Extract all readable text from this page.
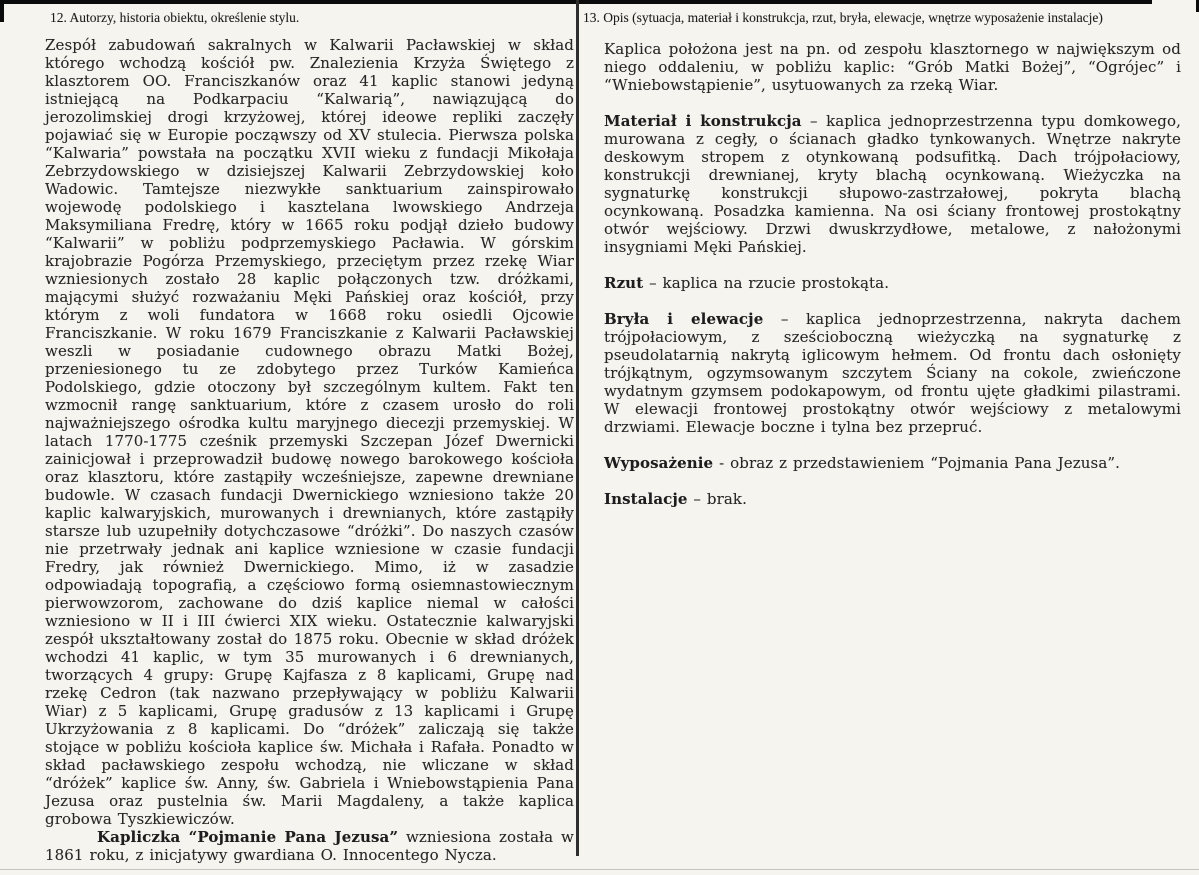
12. Autorzy, historia obiektu, określenie stylu.	13. Opis (sytuacja, materiał i konstrukcja, rzut, bryła, elewacje, wnętrze wyposażenie instalacje)

Zespół zabudowań sakralnych w Kalwarii Pacławskiej w skład którego wchodzą kościół pw. Znalezienia Krzyża Świętego z klasztorem OO. Franciszkanów oraz 41 kaplic stanowi jedyną istniejącą na Podkarpaciu “Kalwarią”, nawiązującą do jerozolimskiej drogi krzyżowej, której ideowe repliki zaczęły pojawiać się w Europie począwszy od XV stulecia. Pierwsza polska “Kalwaria” powstała na początku XVII wieku z fundacji Mikołaja Zebrzydowskiego w dzisiejszej Kalwarii Zebrzydowskiej koło Wadowic. Tamtejsze niezwykłe sanktuarium zainspirowało wojewodę podolskiego i kasztelana lwowskiego Andrzeja Maksymiliana Fredrę, który w 1665 roku podjął dzieło budowy “Kalwarii” w pobliżu podprzemyskiego Pacławia. W górskim krajobrazie Pogórza Przemyskiego, przeciętym przez rzekę Wiar wzniesionych zostało 28 kaplic połączonych tzw. dróżkami, mającymi służyć rozważaniu Męki Pańskiej oraz kościół, przy którym z woli fundatora w 1668 roku osiedli Ojcowie Franciszkanie. W roku 1679 Franciszkanie z Kalwarii Pacławskiej weszli w posiadanie cudownego obrazu Matki Bożej, przeniesionego tu ze zdobytego przez Turków Kamieńca Podolskiego, gdzie otoczony był szczególnym kultem. Fakt ten wzmocnił rangę sanktuarium, które z czasem urosło do roli najważniejszego ośrodka kultu maryjnego diecezji przemyskiej. W latach 1770-1775 cześnik przemyski Szczepan Józef Dwernicki zainicjował i przeprowadził budowę nowego barokowego kościoła oraz klasztoru, które zastąpiły wcześniejsze, zapewne drewniane budowle. W czasach fundacji Dwernickiego wzniesiono także 20 kaplic kalwaryjskich, murowanych i drewnianych, które zastąpiły starsze lub uzupełniły dotychczasowe “dróżki”. Do naszych czasów nie przetrwały jednak ani kaplice wzniesione w czasie fundacji Fredry, jak również Dwernickiego. Mimo, iż w zasadzie odpowiadają topografią, a częściowo formą osiemnastowiecznym pierwowzorom, zachowane do dziś kaplice niemal w całości wzniesiono w II i III ćwierci XIX wieku. Ostatecznie kalwaryjski zespół ukształtowany został do 1875 roku. Obecnie w skład dróżek wchodzi 41 kaplic, w tym 35 murowanych i 6 drewnianych, tworzących 4 grupy: Grupę Kajfasza z 8 kaplicami, Grupę nad rzekę Cedron (tak nazwano przepływający w pobliżu Kalwarii Wiar) z 5 kaplicami, Grupę gradusów z 13 kaplicami i Grupę Ukrzyżowania z 8 kaplicami. Do “dróżek” zaliczają się także stojące w pobliżu kościoła kaplice św. Michała i Rafała. Ponadto w skład pacławskiego zespołu wchodzą, nie wliczane w skład “dróżek” kaplice św. Anny, św. Gabriela i Wniebowstąpienia Pana Jezusa oraz pustelnia św. Marii Magdaleny, a także kaplica grobowa Tyszkiewiczów.

Kapliczka “Pojmanie Pana Jezusa” wzniesiona została w 1861 roku, z inicjatywy gwardiana O. Innocentego Nycza.

Kaplica położona jest na pn. od zespołu klasztornego w największym od niego oddaleniu, w pobliżu kaplic: “Grób Matki Bożej”, “Ogrójec” i “Wniebowstąpienie”, usytuowanych za rzeką Wiar.

Materiał i konstrukcja – kaplica jednoprzestrzenna typu domkowego, murowana z cegły, o ścianach gładko tynkowanych. Wnętrze nakryte deskowym stropem z otynkowaną podsufitką. Dach trójpołaciowy, konstrukcji drewnianej, kryty blachą ocynkowaną. Wieżyczka na sygnaturkę konstrukcji słupowo-zastrzałowej, pokryta blachą ocynkowaną. Posadzka kamienna. Na osi ściany frontowej prostokątny otwór wejściowy. Drzwi dwuskrzydłowe, metalowe, z nałożonymi insygniami Męki Pańskiej.

Rzut – kaplica na rzucie prostokąta.

Bryła i elewacje – kaplica jednoprzestrzenna, nakryta dachem trójpołaciowym, z sześcioboczną wieżyczką na sygnaturkę z pseudolatarnią nakrytą iglicowym hełmem. Od frontu dach osłonięty trójkątnym, ogzymsowanym szczytem Ściany na cokole, zwieńczone wydatnym gzymsem podokapowym, od frontu ujęte gładkimi pilastrami. W elewacji frontowej prostokątny otwór wejściowy z metalowymi drzwiami. Elewacje boczne i tylna bez przepruć.

Wyposażenie - obraz z przedstawieniem “Pojmania Pana Jezusa”.

Instalacje – brak.
